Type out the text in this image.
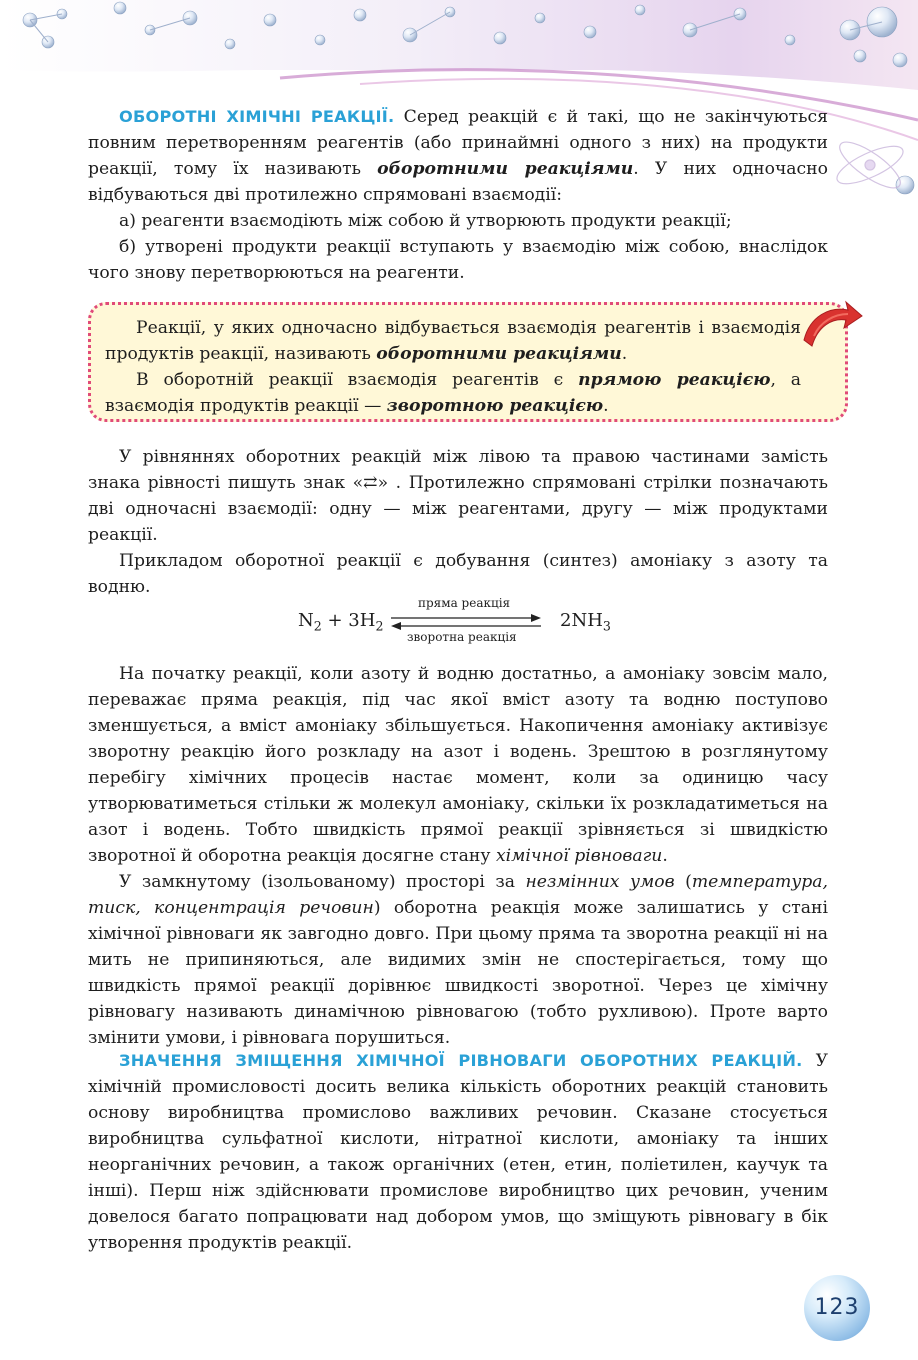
ОБОРОТНІ ХІМІЧНІ РЕАКЦІЇ. Серед реакцій є й такі, що не закінчуються повним перетворенням реагентів (або принаймні одного з них) на продукти реакції, тому їх називають оборотними реакціями. У них одночасно відбуваються дві протилежно спрямовані взаємодії:

а) реагенти взаємодіють між собою й утворюють продукти реакції;

б) утворені продукти реакції вступають у взаємодію між собою, внаслідок чого знову перетворюються на реагенти.

Реакції, у яких одночасно відбувається взаємодія реагентів і взаємодія продуктів реакції, називають оборотними реакціями.

В оборотній реакції взаємодія реагентів є прямою реакцією, а взаємодія продуктів реакції — зворотною реакцією.

У рівняннях оборотних реакцій між лівою та правою частинами замість знака рівності пишуть знак «⇄» . Протилежно спрямовані стрілки позначають дві одночасні взаємодії: одну — між реагентами, другу — між продуктами реакції.

Прикладом оборотної реакції є добування (синтез) амоніаку з азоту та водню.

$N_2 + 3H_2$
пряма реакція
зворотна реакція
$2NH_3$

На початку реакції, коли азоту й водню достатньо, а амоніаку зовсім мало, переважає пряма реакція, під час якої вміст азоту та водню поступово зменшується, а вміст амоніаку збільшується. Накопичення амоніаку активізує зворотну реакцію його розкладу на азот і водень. Зрештою в розглянутому перебігу хімічних процесів настає момент, коли за одиницю часу утворюватиметься стільки ж молекул амоніаку, скільки їх розкладатиметься на азот і водень. Тобто швидкість прямої реакції зрівняється зі швидкістю зворотної й оборотна реакція досягне стану хімічної рівноваги.

У замкнутому (ізольованому) просторі за незмінних умов (температура, тиск, концентрація речовин) оборотна реакція може залишатись у стані хімічної рівноваги як завгодно довго. При цьому пряма та зворотна реакції ні на мить не припиняються, але видимих змін не спостерігається, тому що швидкість прямої реакції дорівнює швидкості зворотної. Через це хімічну рівновагу називають динамічною рівновагою (тобто рухливою). Проте варто змінити умови, і рівновага порушиться.

ЗНАЧЕННЯ ЗМІЩЕННЯ ХІМІЧНОЇ РІВНОВАГИ ОБОРОТНИХ РЕАКЦІЙ. У хімічній промисловості досить велика кількість оборотних реакцій становить основу виробництва промислово важливих речовин. Сказане стосується виробництва сульфатної кислоти, нітратної кислоти, амоніаку та інших неорганічних речовин, а також органічних (етен, етин, поліетилен, каучук та інші). Перш ніж здійснювати промислове виробництво цих речовин, ученим довелося багато попрацювати над добором умов, що зміщують рівновагу в бік утворення продуктів реакції.

123
